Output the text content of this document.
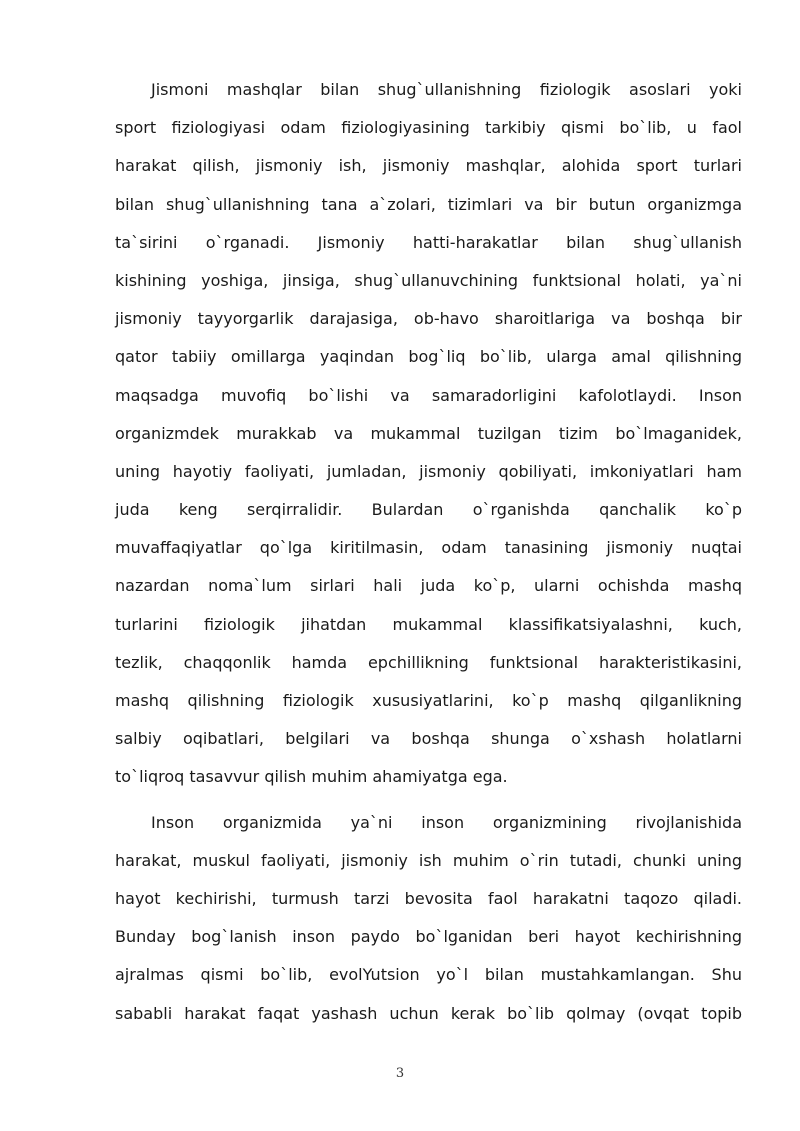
Jismoni mashqlar bilan shug`ullanishning fiziologik asoslari yoki
sport fiziologiyasi odam fiziologiyasining tarkibiy qismi bo`lib, u faol
harakat qilish, jismoniy ish, jismoniy mashqlar, alohida sport turlari
bilan shug`ullanishning tana a`zolari, tizimlari va bir butun organizmga
ta`sirini o`rganadi. Jismoniy hatti-harakatlar bilan shug`ullanish
kishining yoshiga, jinsiga, shug`ullanuvchining funktsional holati, ya`ni
jismoniy tayyorgarlik darajasiga, ob-havo sharoitlariga va boshqa bir
qator tabiiy omillarga yaqindan bog`liq bo`lib, ularga amal qilishning
maqsadga muvofiq bo`lishi va samaradorligini kafolotlaydi. Inson
organizmdek murakkab va mukammal tuzilgan tizim bo`lmaganidek,
uning hayotiy faoliyati, jumladan, jismoniy qobiliyati, imkoniyatlari ham
juda keng serqirralidir. Bulardan o`rganishda qanchalik ko`p
muvaffaqiyatlar qo`lga kiritilmasin, odam tanasining jismoniy nuqtai
nazardan noma`lum sirlari hali juda ko`p, ularni ochishda mashq
turlarini fiziologik jihatdan mukammal klassifikatsiyalashni, kuch,
tezlik, chaqqonlik hamda epchillikning funktsional harakteristikasini,
mashq qilishning fiziologik xususiyatlarini, ko`p mashq qilganlikning
salbiy oqibatlari, belgilari va boshqa shunga o`xshash holatlarni
to`liqroq tasavvur qilish muhim ahamiyatga ega.
Inson organizmida ya`ni inson organizmining rivojlanishida
harakat, muskul faoliyati, jismoniy ish muhim o`rin tutadi, chunki uning
hayot kechirishi, turmush tarzi bevosita faol harakatni taqozo qiladi.
Bunday bog`lanish inson paydo bo`lganidan beri hayot kechirishning
ajralmas qismi bo`lib, evolYutsion yo`l bilan mustahkamlangan. Shu
sababli harakat faqat yashash uchun kerak bo`lib qolmay (ovqat topib
3
